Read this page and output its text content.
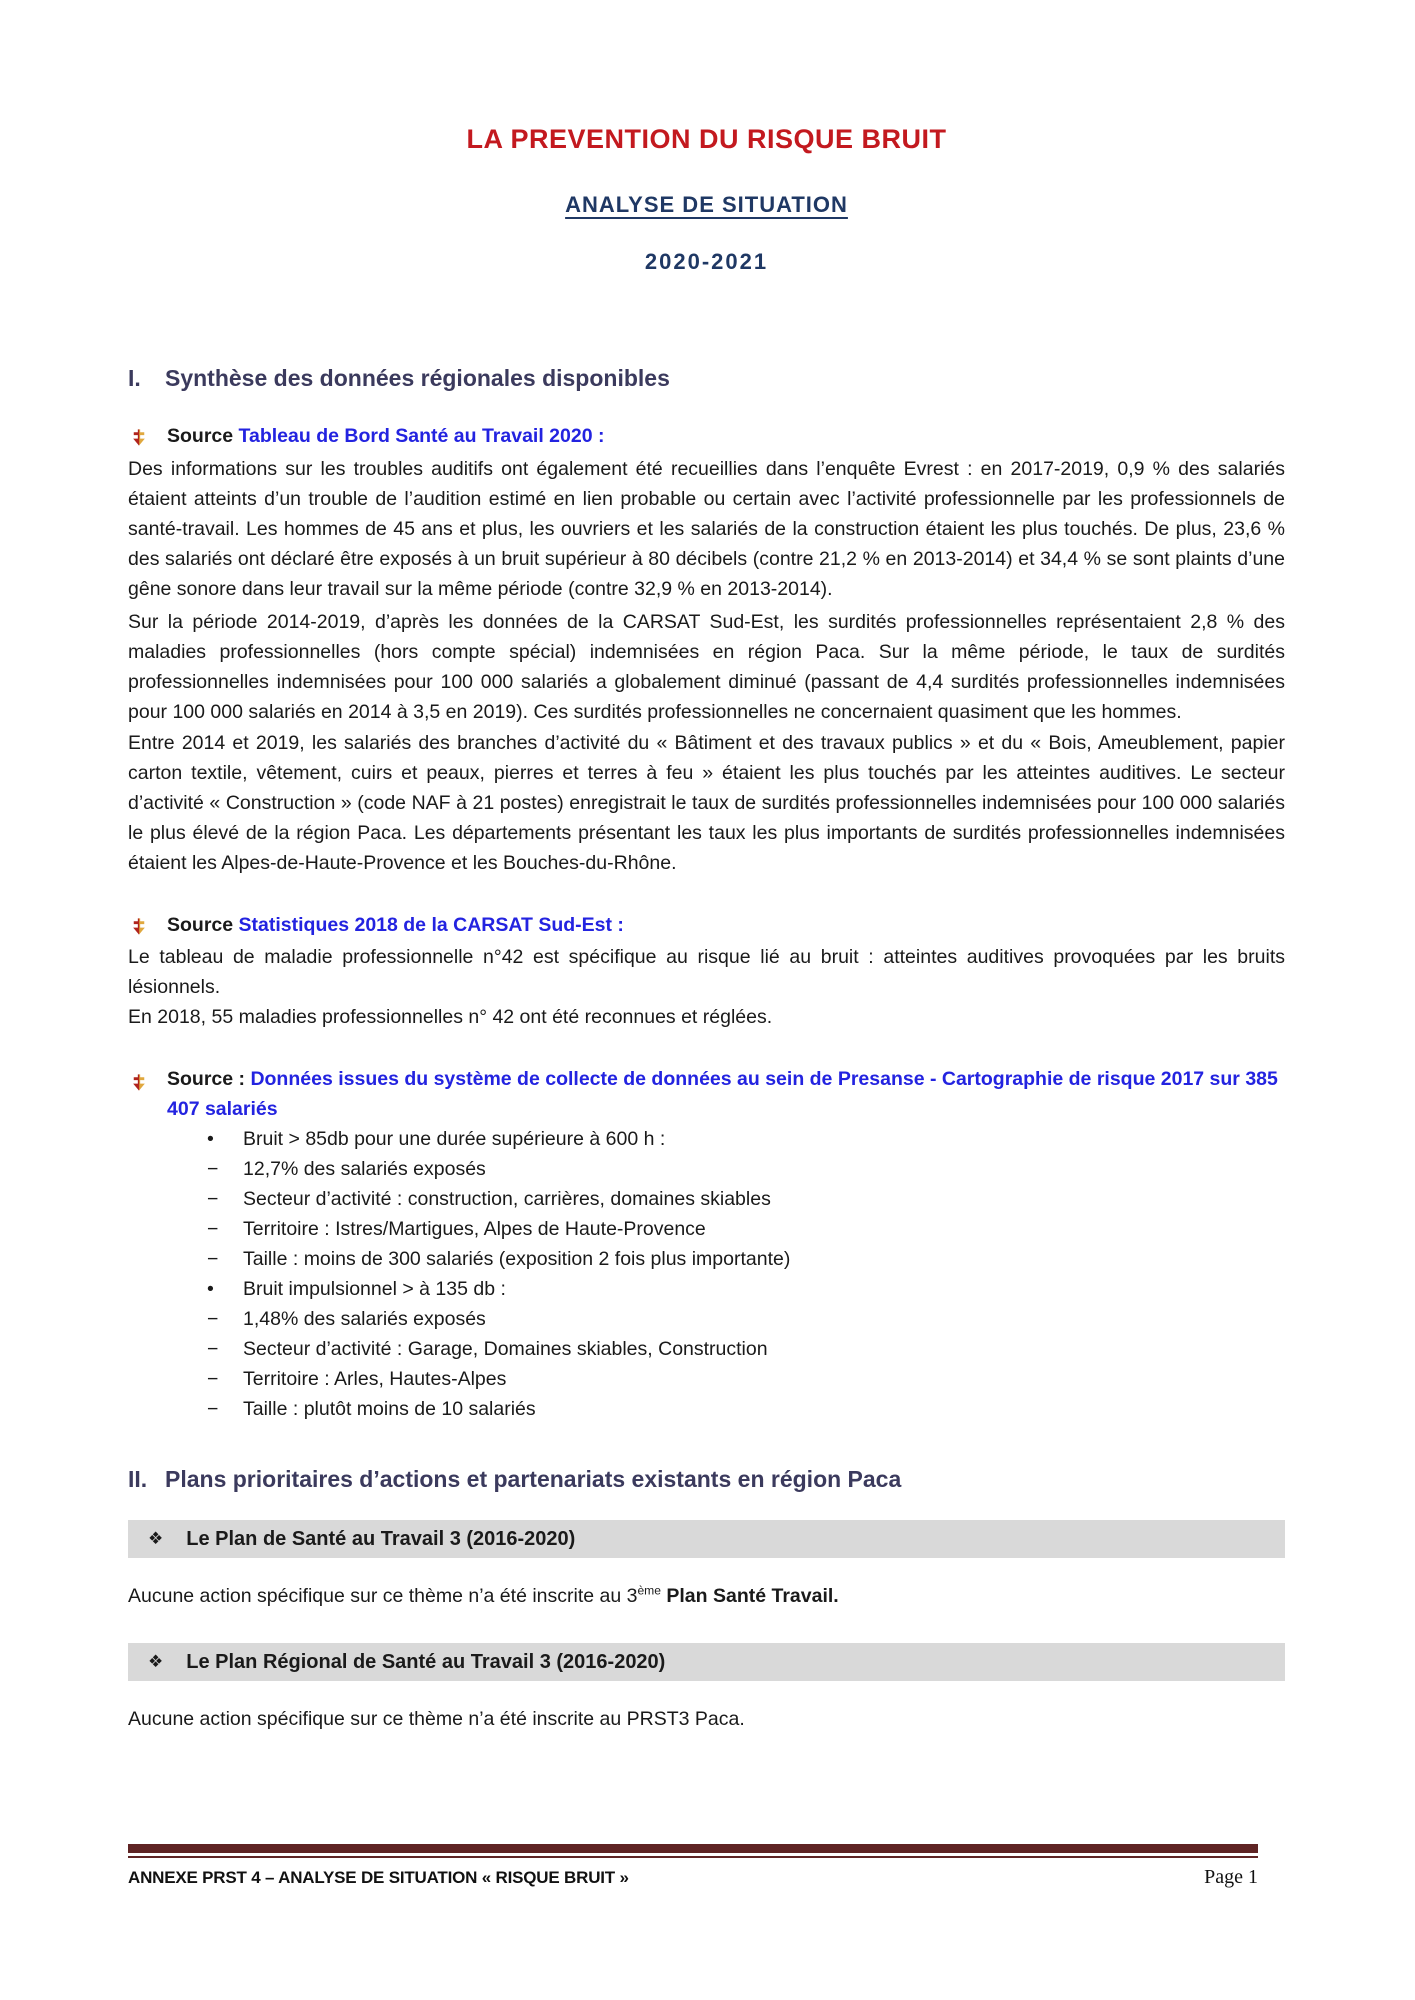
LA PREVENTION DU RISQUE BRUIT
ANALYSE DE SITUATION
2020-2021
I.	Synthèse des données régionales disponibles
Source Tableau de Bord Santé au Travail 2020 :

Des informations sur les troubles auditifs ont également été recueillies dans l’enquête Evrest : en 2017-2019, 0,9 % des salariés étaient atteints d’un trouble de l’audition estimé en lien probable ou certain avec l’activité professionnelle par les professionnels de santé-travail. Les hommes de 45 ans et plus, les ouvriers et les salariés de la construction étaient les plus touchés. De plus, 23,6 % des salariés ont déclaré être exposés à un bruit supérieur à 80 décibels (contre 21,2 % en 2013-2014) et 34,4 % se sont plaints d’une gêne sonore dans leur travail sur la même période (contre 32,9 % en 2013-2014).

Sur la période 2014-2019, d’après les données de la CARSAT Sud-Est, les surdités professionnelles représentaient 2,8 % des maladies professionnelles (hors compte spécial) indemnisées en région Paca. Sur la même période, le taux de surdités professionnelles indemnisées pour 100 000 salariés a globalement diminué (passant de 4,4 surdités professionnelles indemnisées pour 100 000 salariés en 2014 à 3,5 en 2019). Ces surdités professionnelles ne concernaient quasiment que les hommes.

Entre 2014 et 2019, les salariés des branches d’activité du « Bâtiment et des travaux publics » et du « Bois, Ameublement, papier carton textile, vêtement, cuirs et peaux, pierres et terres à feu » étaient les plus touchés par les atteintes auditives. Le secteur d’activité « Construction » (code NAF à 21 postes) enregistrait le taux de surdités professionnelles indemnisées pour 100 000 salariés le plus élevé de la région Paca. Les départements présentant les taux les plus importants de surdités professionnelles indemnisées étaient les Alpes-de-Haute-Provence et les Bouches-du-Rhône.

Source Statistiques 2018 de la CARSAT Sud-Est :

Le tableau de maladie professionnelle n°42 est spécifique au risque lié au bruit : atteintes auditives provoquées par les bruits lésionnels.

En 2018, 55 maladies professionnelles n° 42 ont été reconnues et réglées.

Source : Données issues du système de collecte de données au sein de Presanse - Cartographie de risque 2017 sur 385 407 salariés
• Bruit > 85db pour une durée supérieure à 600 h :
− 12,7% des salariés exposés
− Secteur d’activité : construction, carrières, domaines skiables
− Territoire : Istres/Martigues, Alpes de Haute-Provence
− Taille : moins de 300 salariés (exposition 2 fois plus importante)
• Bruit impulsionnel > à 135 db :
− 1,48% des salariés exposés
− Secteur d’activité : Garage, Domaines skiables, Construction
− Territoire : Arles, Hautes-Alpes
− Taille : plutôt moins de 10 salariés
II. Plans prioritaires d’actions et partenariats existants en région Paca
❖ Le Plan de Santé au Travail 3 (2016-2020)

Aucune action spécifique sur ce thème n’a été inscrite au 3ème Plan Santé Travail.

❖ Le Plan Régional de Santé au Travail 3 (2016-2020)

Aucune action spécifique sur ce thème n’a été inscrite au PRST3 Paca.

ANNEXE PRST 4 – ANALYSE DE SITUATION « RISQUE BRUIT »	Page 1
